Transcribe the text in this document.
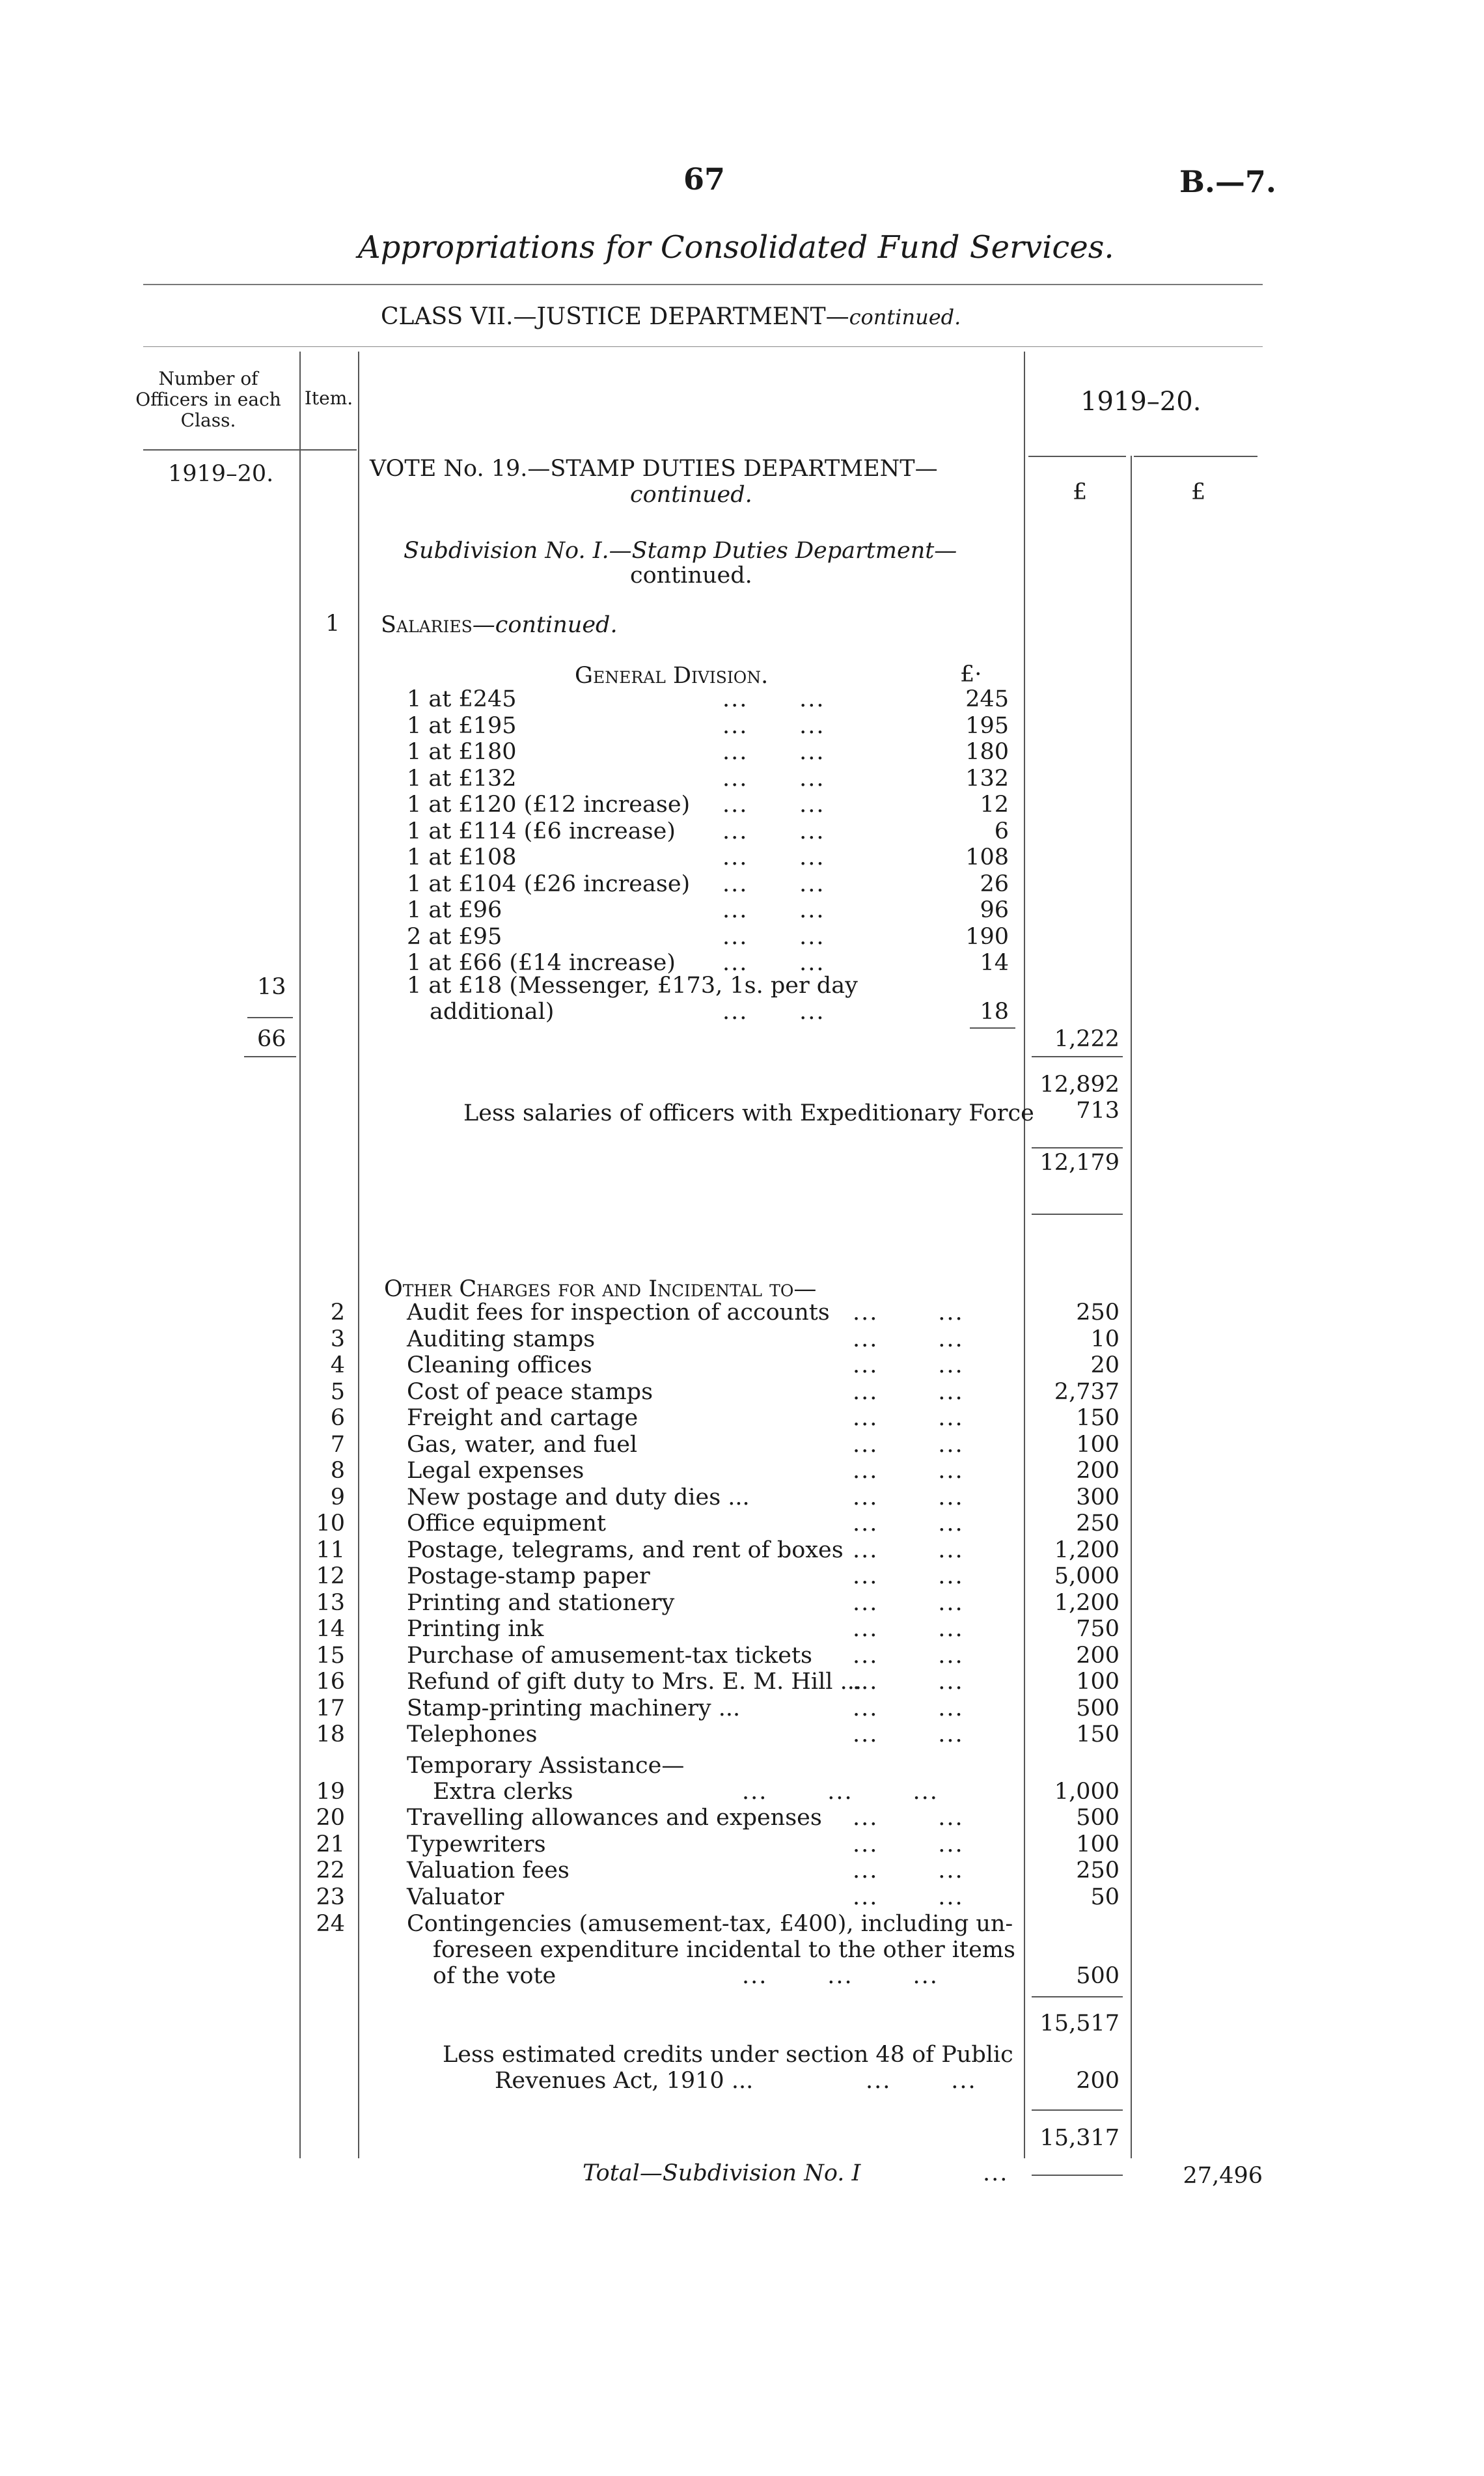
67	B.—7.
Appropriations for Consolidated Fund Services.
CLASS VII.—JUSTICE DEPARTMENT—continued.
Number of Officers in each Class.
Item.	1919–20.
1919–20.	VOTE No. 19.—STAMP DUTIES DEPARTMENT—
continued.	£	£
Subdivision No. I.—Stamp Duties Department—
continued.
1 Salaries—continued.
General Division.	£·
1 at £245	...      ...	245
1 at £195	...      ...	195
1 at £180	...      ...	180
1 at £132	...      ...	132
1 at £120 (£12 increase) ...      ...	12
1 at £114 (£6 increase) ...      ...	6
1 at £108	...      ...	108
1 at £104 (£26 increase) ...      ...	26
1 at £96	...      ...	96
2 at £95	...      ...	190
1 at £66 (£14 increase) ...      ...	14
13	1 at £18 (Messenger, £173, 1s. per day
additional)	...      ...	18
66	1,222
12,892
Less salaries of officers with Expeditionary Force	713
12,179
Other Charges for and Incidental to—
2	Audit fees for inspection of accounts ...       ...	250
3	Auditing stamps	...       ...	10
4	Cleaning offices	...       ...	20
5	Cost of peace stamps	...       ...	2,737
6	Freight and cartage	...       ...	150
7	Gas, water, and fuel	...       ...	100
8	Legal expenses	...       ...	200
9	New postage and duty dies ...	...       ...	300
10	Office equipment	...       ...	250
11	Postage, telegrams, and rent of boxes ...       ...	1,200
12	Postage-stamp paper	...       ...	5,000
13	Printing and stationery	...       ...	1,200
14	Printing ink	...       ...	750
15	Purchase of amusement-tax tickets ...       ...	200
16	Refund of gift duty to Mrs. E. M. Hill ...
...       ...	100
17	Stamp-printing machinery ...	...       ...	500
18	Telephones	...       ...	150
Temporary Assistance—
19	Extra clerks	...       ...       ...	1,000
20	Travelling allowances and expenses ...       ...	500
21	Typewriters	...       ...	100
22	Valuation fees	...       ...	250
23	Valuator	...       ...	50
24	Contingencies (amusement-tax, £400), including un-
foreseen expenditure incidental to the other items
of the vote	...       ...       ...	500
15,517
Less estimated credits under section 48 of Public
Revenues Act, 1910 ...	...       ...	200
15,317
Total—Subdivision No. I	...	27,496
